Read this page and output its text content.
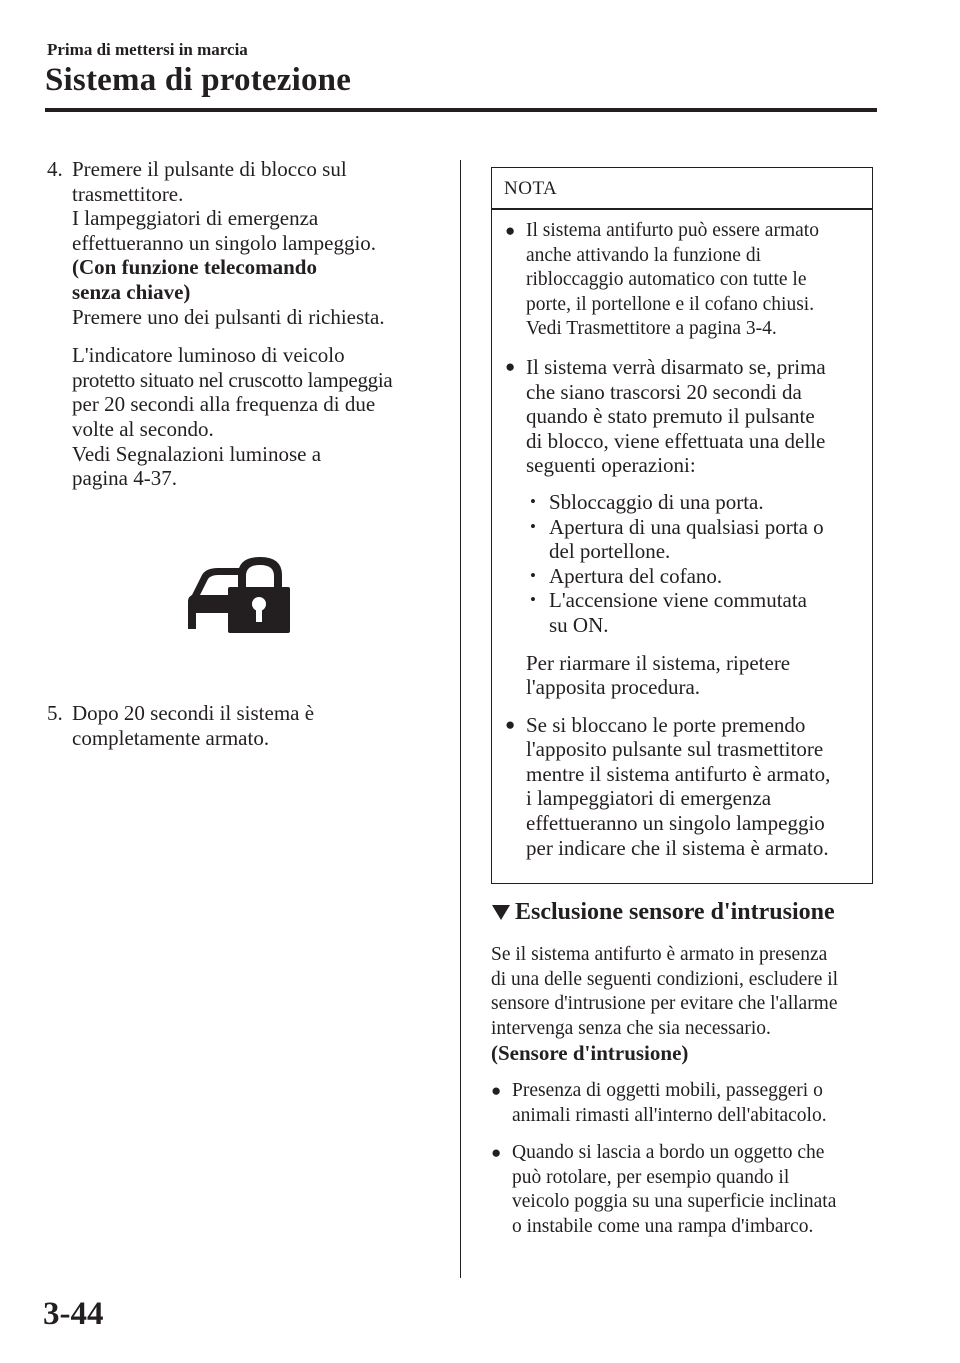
Prima di mettersi in marcia
Sistema di protezione
4. Premere il pulsante di blocco sul

trasmettitore.

I lampeggiatori di emergenza

effettueranno un singolo lampeggio.

(Con funzione telecomando

senza chiave)

Premere uno dei pulsanti di richiesta.

L'indicatore luminoso di veicolo

protetto situato nel cruscotto lampeggia

per 20 secondi alla frequenza di due

volte al secondo.

Vedi Segnalazioni luminose a

pagina 4-37.

5. Dopo 20 secondi il sistema è

completamente armato.

NOTA
● Il sistema antifurto può essere armato
anche attivando la funzione di
ribloccaggio automatico con tutte le
porte, il portellone e il cofano chiusi.
Vedi Trasmettitore a pagina 3-4.
● Il sistema verrà disarmato se, prima
che siano trascorsi 20 secondi da
quando è stato premuto il pulsante
di blocco, viene effettuata una delle
seguenti operazioni:
• Sbloccaggio di una porta.
• Apertura di una qualsiasi porta o
del portellone.
• Apertura del cofano.
• L'accensione viene commutata
su ON.
Per riarmare il sistema, ripetere
l'apposita procedura.
● Se si bloccano le porte premendo
l'apposito pulsante sul trasmettitore
mentre il sistema antifurto è armato,
i lampeggiatori di emergenza
effettueranno un singolo lampeggio
per indicare che il sistema è armato.
Esclusione sensore d'intrusione

Se il sistema antifurto è armato in presenza

di una delle seguenti condizioni, escludere il

sensore d'intrusione per evitare che l'allarme

intervenga senza che sia necessario.

(Sensore d'intrusione)

● Presenza di oggetti mobili, passeggeri o
animali rimasti all'interno dell'abitacolo.
● Quando si lascia a bordo un oggetto che
può rotolare, per esempio quando il
veicolo poggia su una superficie inclinata
o instabile come una rampa d'imbarco.
3-44
